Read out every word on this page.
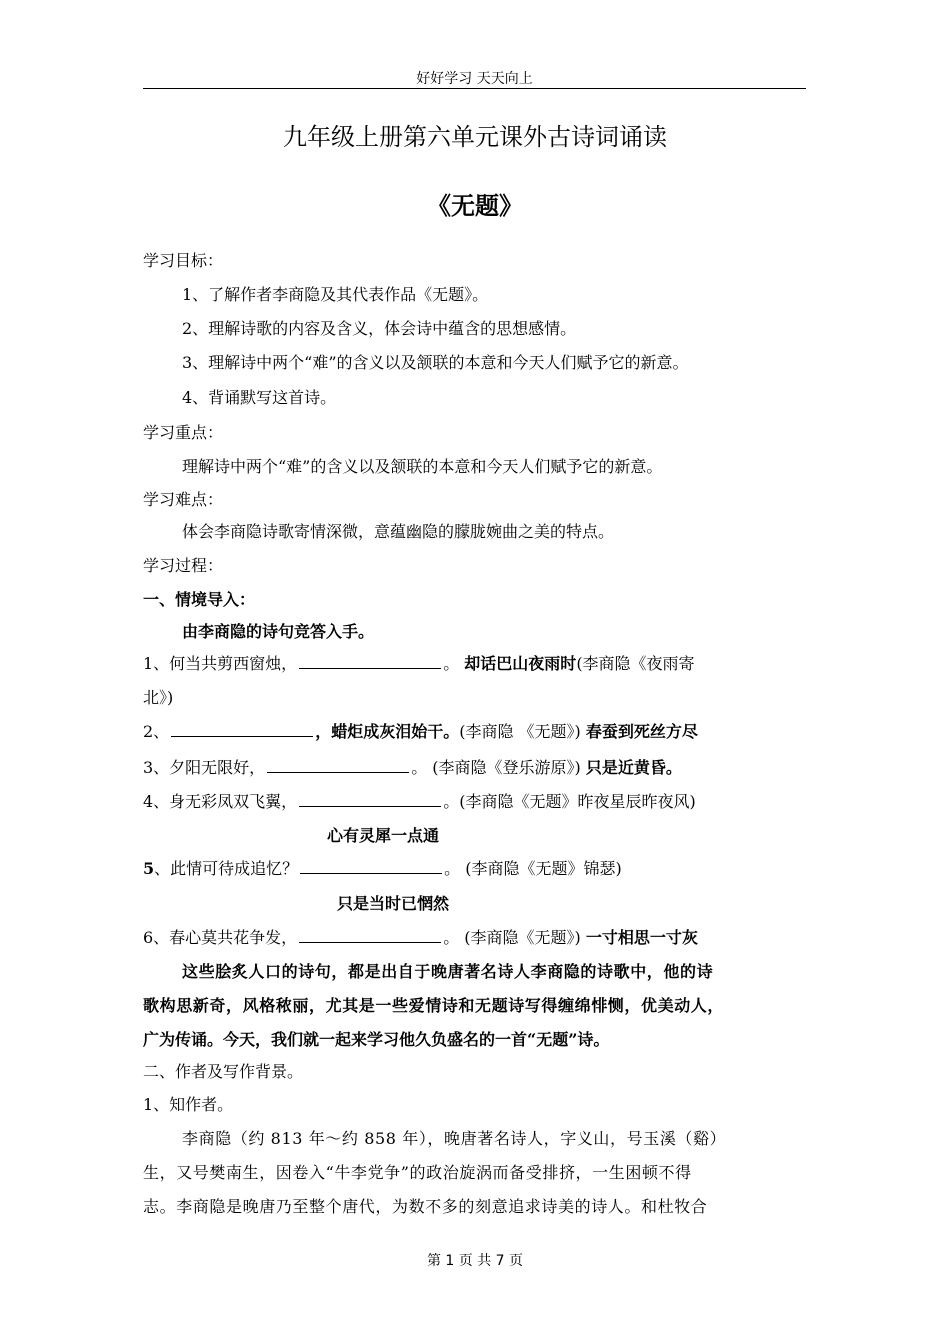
好好学习 天天向上
九年级上册第六单元课外古诗词诵读
《无题》
学习目标：
1、了解作者李商隐及其代表作品《无题》。
2、理解诗歌的内容及含义，体会诗中蕴含的思想感情。
3、理解诗中两个“难”的含义以及颔联的本意和今天人们赋予它的新意。
4、背诵默写这首诗。
学习重点：
理解诗中两个“难”的含义以及颔联的本意和今天人们赋予它的新意。
学习难点：
体会李商隐诗歌寄情深微，意蕴幽隐的朦胧婉曲之美的特点。
学习过程：
一、情境导入：
由李商隐的诗句竞答入手。
1、何当共剪西窗烛，	。 却话巴山夜雨时(李商隐《夜雨寄
北》)
2、	，蜡炬成灰泪始干。(李商隐 《无题》) 春蚕到死丝方尽
3、夕阳无限好，	。 (李商隐《登乐游原》) 只是近黄昏。
4、身无彩凤双飞翼，	。(李商隐《无题》昨夜星辰昨夜风)
心有灵犀一点通
5、此情可待成追忆？	。 (李商隐《无题》锦瑟)
只是当时已惘然
6、春心莫共花争发，	。 (李商隐《无题》) 一寸相思一寸灰
这些脍炙人口的诗句，都是出自于晚唐著名诗人李商隐的诗歌中，他的诗
歌构思新奇，风格秾丽，尤其是一些爱情诗和无题诗写得缠绵悱恻，优美动人，
广为传诵。今天，我们就一起来学习他久负盛名的一首“无题”诗。
二、作者及写作背景。
1、知作者。
李商隐（约 813 年～约 858 年），晚唐著名诗人，字义山，号玉溪（谿）
生，又号樊南生，因卷入“牛李党争”的政治旋涡而备受排挤，一生困顿不得
志。李商隐是晚唐乃至整个唐代，为数不多的刻意追求诗美的诗人。和杜牧合
第 1 页 共 7 页
